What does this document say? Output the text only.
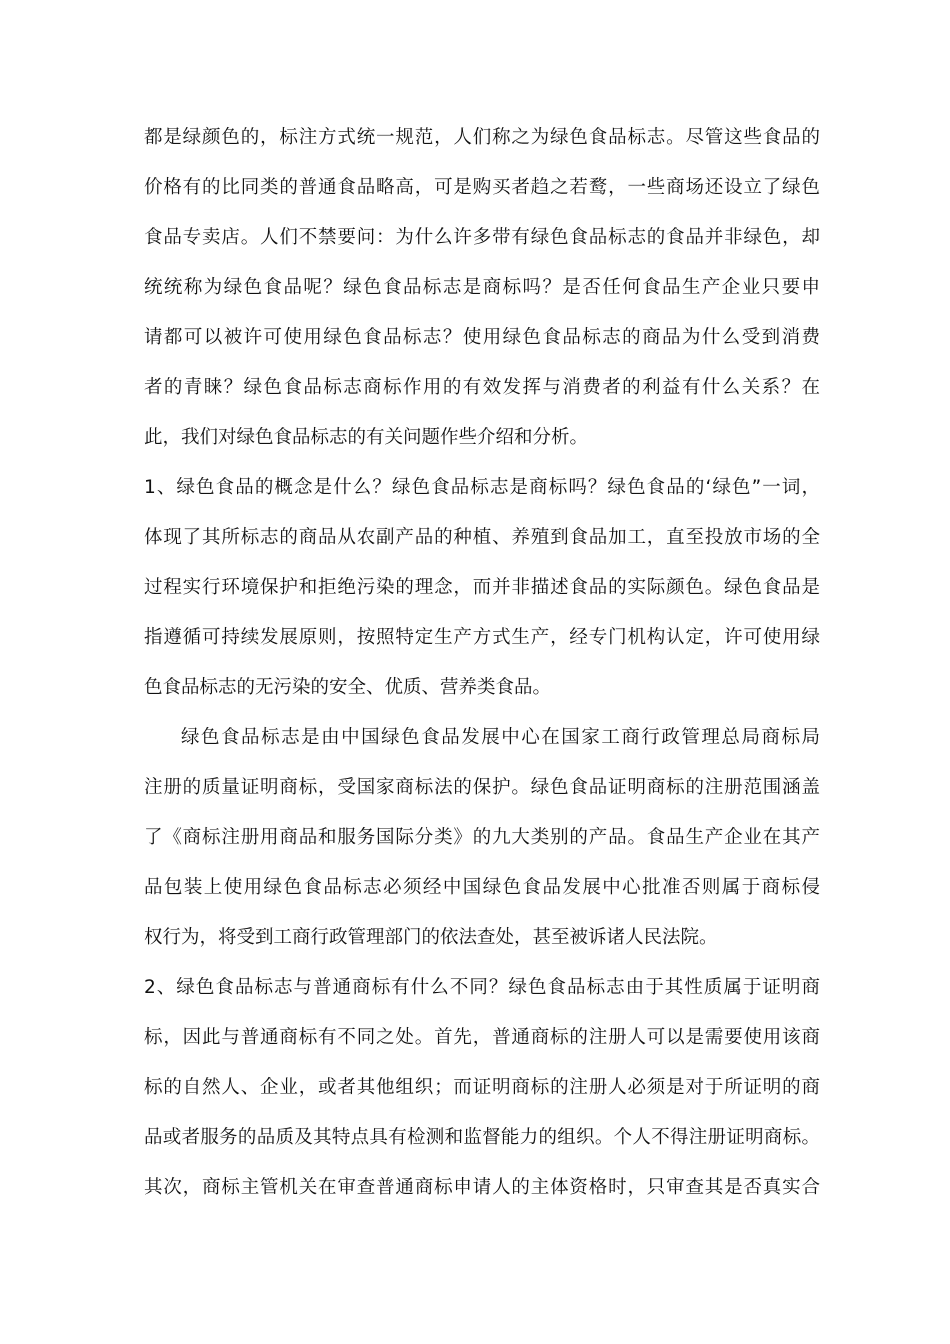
都是绿颜色的，标注方式统一规范，人们称之为绿色食品标志。尽管这些食品的
价格有的比同类的普通食品略高，可是购买者趋之若鹜，一些商场还设立了绿色
食品专卖店。人们不禁要问：为什么许多带有绿色食品标志的食品并非绿色，却
统统称为绿色食品呢？绿色食品标志是商标吗？是否任何食品生产企业只要申
请都可以被许可使用绿色食品标志？使用绿色食品标志的商品为什么受到消费
者的青睐？绿色食品标志商标作用的有效发挥与消费者的利益有什么关系？在
此，我们对绿色食品标志的有关问题作些介绍和分析。
1、绿色食品的概念是什么？绿色食品标志是商标吗？绿色食品的‘绿色”一词，
体现了其所标志的商品从农副产品的种植、养殖到食品加工，直至投放市场的全
过程实行环境保护和拒绝污染的理念，而并非描述食品的实际颜色。绿色食品是
指遵循可持续发展原则，按照特定生产方式生产，经专门机构认定，许可使用绿
色食品标志的无污染的安全、优质、营养类食品。
绿色食品标志是由中国绿色食品发展中心在国家工商行政管理总局商标局
注册的质量证明商标，受国家商标法的保护。绿色食品证明商标的注册范围涵盖
了《商标注册用商品和服务国际分类》的九大类别的产品。食品生产企业在其产
品包装上使用绿色食品标志必须经中国绿色食品发展中心批准否则属于商标侵
权行为，将受到工商行政管理部门的依法查处，甚至被诉诸人民法院。
2、绿色食品标志与普通商标有什么不同？绿色食品标志由于其性质属于证明商
标，因此与普通商标有不同之处。首先，普通商标的注册人可以是需要使用该商
标的自然人、企业，或者其他组织；而证明商标的注册人必须是对于所证明的商
品或者服务的品质及其特点具有检测和监督能力的组织。个人不得注册证明商标。
其次，商标主管机关在审查普通商标申请人的主体资格时，只审查其是否真实合
